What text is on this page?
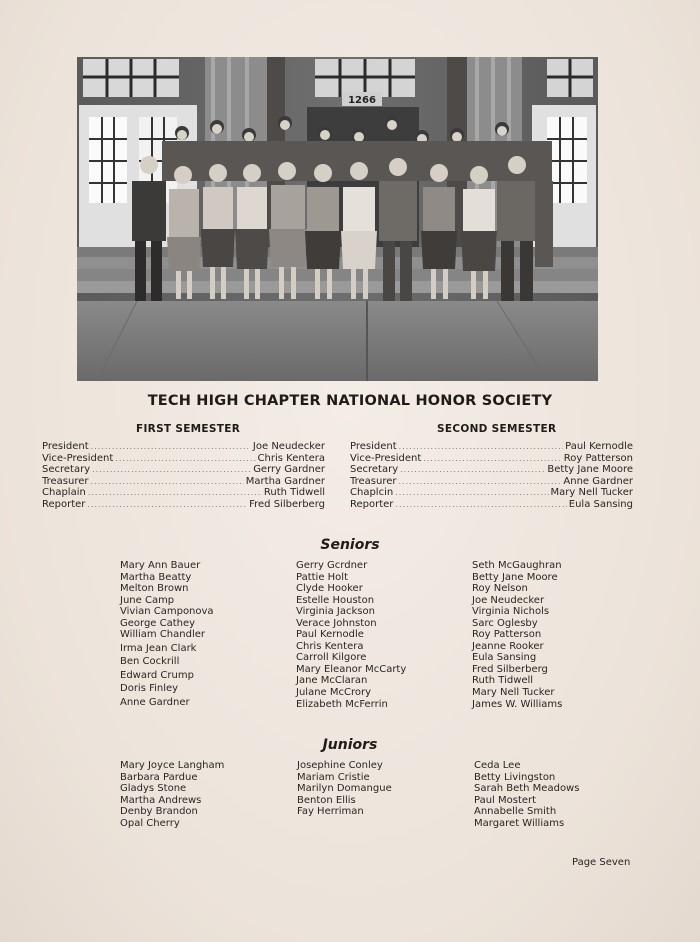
1266
TECH HIGH CHAPTER NATIONAL HONOR SOCIETY
FIRST SEMESTER	SECOND SEMESTER
President .....	Joe Neudecker
Vice-President .....	Chris Kentera
Secretary .....	Gerry Gardner
Treasurer .....	Martha Gardner
Chaplain .....	Ruth Tidwell
Reporter .....	Fred Silberberg
President .....	Paul Kernodle
Vice-President .....	Roy Patterson
Secretary .....	Betty Jane Moore
Treasurer .....	Anne Gardner
Chaplcin .....	Mary Nell Tucker
Reporter .....	Eula Sansing
Seniors
Mary Ann Bauer
Martha Beatty
Melton Brown
June Camp
Vivian Camponova
George Cathey
William Chandler
Irma Jean Clark
Ben Cockrill
Edward Crump
Doris Finley
Anne Gardner
Gerry Gcrdner
Pattie Holt
Clyde Hooker
Estelle Houston
Virginia Jackson
Verace Johnston
Paul Kernodle
Chris Kentera
Carroll Kilgore
Mary Eleanor McCarty
Jane McClaran
Julane McCrory
Elizabeth McFerrin
Seth McGaughran
Betty Jane Moore
Roy Nelson
Joe Neudecker
Virginia Nichols
Sarc Oglesby
Roy Patterson
Jeanne Rooker
Eula Sansing
Fred Silberberg
Ruth Tidwell
Mary Nell Tucker
James W. Williams
Juniors
Mary Joyce Langham
Barbara Pardue
Gladys Stone
Martha Andrews
Denby Brandon
Opal Cherry
Josephine Conley
Mariam Cristie
Marilyn Domangue
Benton Ellis
Fay Herriman
Ceda Lee
Betty Livingston
Sarah Beth Meadows
Paul Mostert
Annabelle Smith
Margaret Williams
Page Seven
